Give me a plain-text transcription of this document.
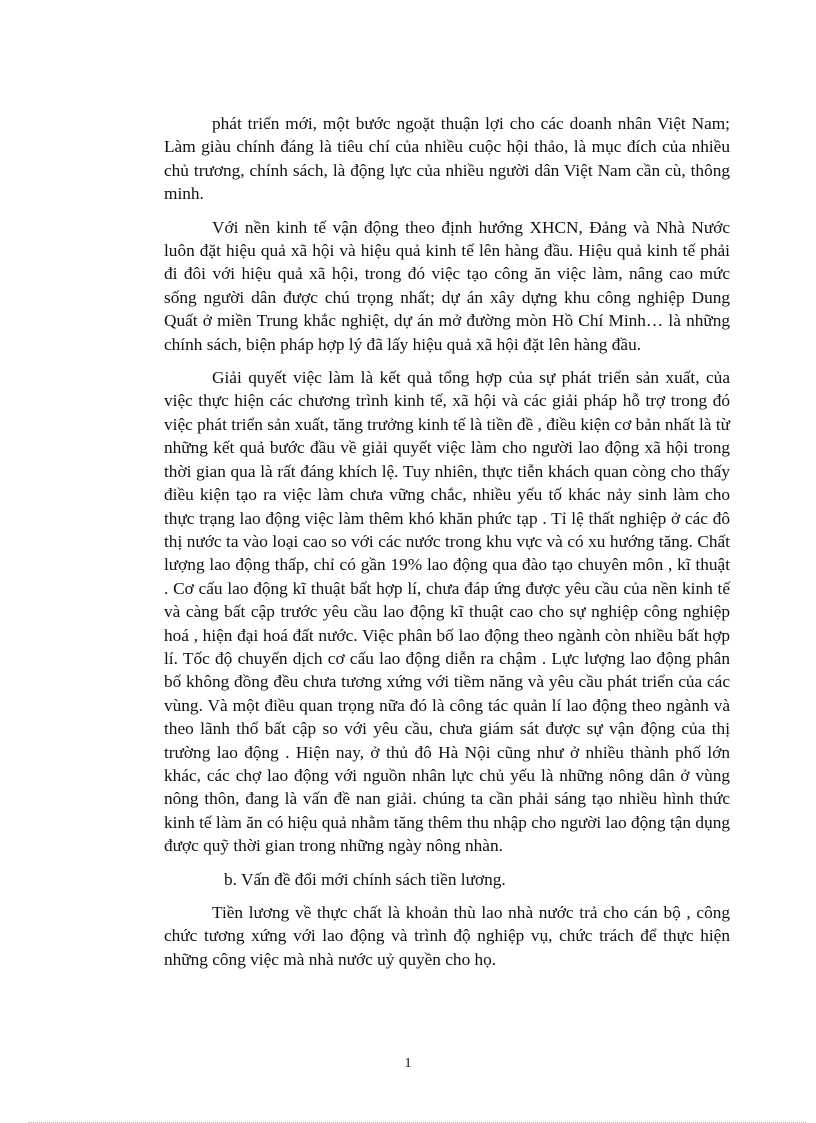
phát triển mới, một bước ngoặt thuận lợi cho các doanh nhân Việt Nam; Làm giàu chính đáng là tiêu chí của nhiều cuộc hội thảo, là mục đích của nhiều chủ trương, chính sách, là động lực của nhiều người dân Việt Nam cần cù, thông minh.

Với nền kinh tế vận động theo định hướng XHCN, Đảng và Nhà Nước luôn đặt hiệu quả xã hội và hiệu quả kinh tế lên hàng đầu. Hiệu quả kinh tế phải đi đôi với hiệu quả xã hội, trong đó việc tạo công ăn việc làm, nâng cao mức sống người dân được chú trọng nhất; dự án xây dựng khu công nghiệp Dung Quất ở miền Trung khắc nghiệt, dự án mở đường mòn Hồ Chí Minh… là những chính sách, biện pháp hợp lý đã lấy hiệu quả xã hội đặt lên hàng đầu.

Giải quyết việc làm là kết quả tổng hợp của sự phát triển sản xuất, của việc thực hiện các chương trình kinh tế, xã hội và các giải pháp hỗ trợ trong đó việc phát triển sản xuất, tăng trưởng kinh tế là tiền đề , điều kiện cơ bản nhất là từ những kết quả bước đầu về giải quyết việc làm cho người lao động xã hội trong thời gian qua là rất đáng khích lệ. Tuy nhiên, thực tiễn khách quan còng cho thấy điều kiện tạo ra việc làm chưa vững chắc, nhiều yếu tố khác nảy sinh làm cho thực trạng lao động việc làm thêm khó khăn phức tạp . Tỉ lệ thất nghiệp ở các đô thị nước ta vào loại cao so với các nước trong khu vực và có xu hướng tăng. Chất lượng lao động thấp, chỉ có gần 19% lao động qua đào tạo chuyên môn , kĩ thuật . Cơ cấu lao động kĩ thuật bất hợp lí, chưa đáp ứng được yêu cầu của nền kinh tế và càng bất cập trước yêu cầu lao động kĩ thuật cao cho sự nghiệp công nghiệp hoá , hiện đại hoá đất nước. Việc phân bố lao động theo ngành còn nhiều bất hợp lí. Tốc độ chuyển dịch cơ cấu lao động diễn ra chậm . Lực lượng lao động phân bố không đồng đều chưa tương xứng với tiềm năng và yêu cầu phát triển của các vùng. Và một điều quan trọng nữa đó là công tác quản lí lao động theo ngành và theo lãnh thổ bất cập so với yêu cầu, chưa giám sát được sự vận động của thị trường lao động . Hiện nay, ở thủ đô Hà Nội cũng như ở nhiều thành phố lớn khác, các chợ lao động với nguồn nhân lực chủ yếu là những nông dân ở vùng nông thôn, đang là vấn đề nan giải. chúng ta cần phải sáng tạo nhiều hình thức kinh tế làm ăn có hiệu quả nhằm tăng thêm thu nhập cho người lao động tận dụng được quỹ thời gian trong những ngày nông nhàn.

b. Vấn đề đổi mới chính sách tiền lương.

Tiền lương về thực chất là khoản thù lao nhà nước trả cho cán bộ , công chức tương xứng với lao động và trình độ nghiệp vụ, chức trách để thực hiện những công việc mà nhà nước uỷ quyền cho họ.

1
